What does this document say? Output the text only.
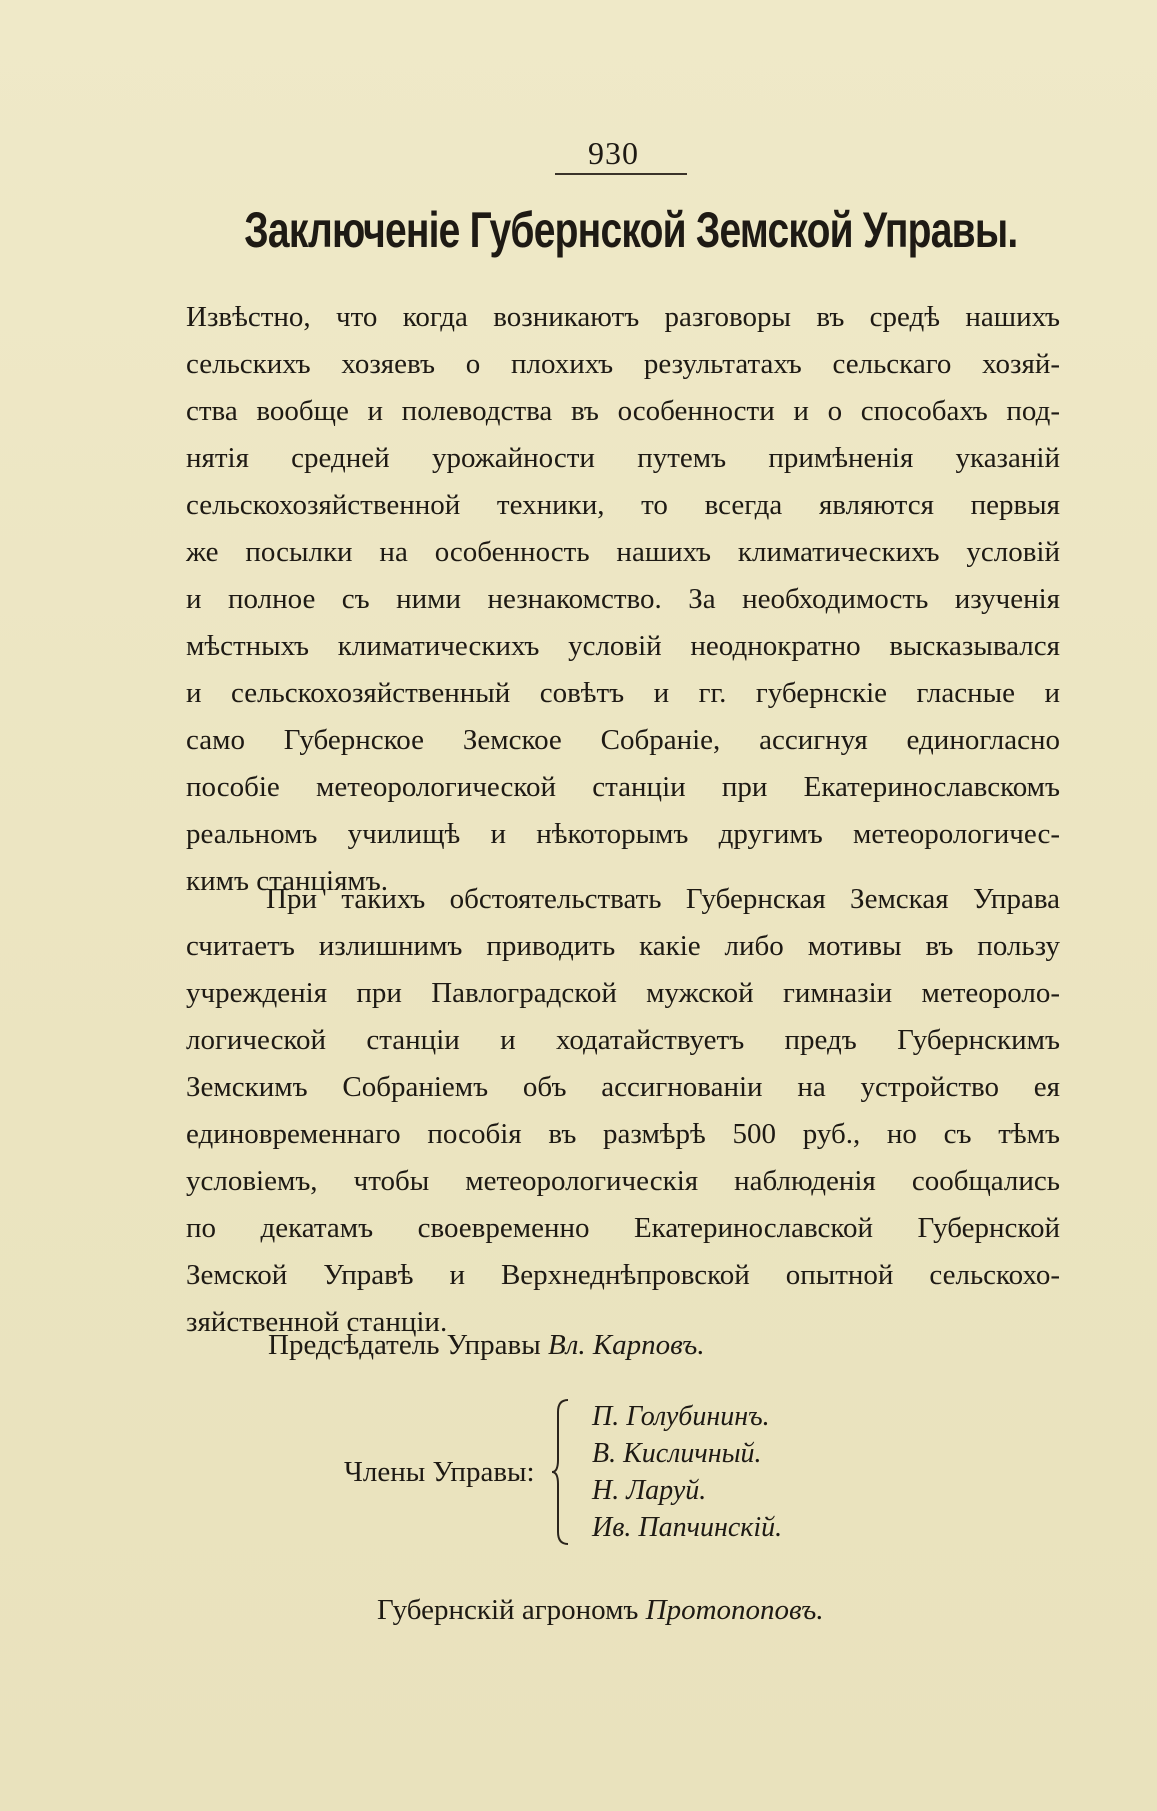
930
Заключеніе Губернской Земской Управы.
Извѣстно, что когда возникаютъ разговоры въ средѣ нашихъ
сельскихъ хозяевъ о плохихъ результатахъ сельскаго хозяй-
ства вообще и полеводства въ особенности и о способахъ под-
нятія средней урожайности путемъ примѣненія указаній
сельскохозяйственной техники, то всегда являются первыя
же посылки на особенность нашихъ климатическихъ условій
и полное съ ними незнакомство. За необходимость изученія
мѣстныхъ климатическихъ условій неоднократно высказывался
и сельскохозяйственный совѣтъ и гг. губернскіе гласные и
само Губернское Земское Собраніе, ассигнуя единогласно
пособіе метеорологической станціи при Екатеринославскомъ
реальномъ училищѣ и нѣкоторымъ другимъ метеорологичес-
кимъ станціямъ.
При такихъ обстоятельствать Губернская Земская Управа
считаетъ излишнимъ приводить какіе либо мотивы въ пользу
учрежденія при Павлоградской мужской гимназіи метеороло-
логической станціи и ходатайствуетъ предъ Губернскимъ
Земскимъ Собраніемъ объ ассигнованіи на устройство ея
единовременнаго пособія въ размѣрѣ 500 руб., но съ тѣмъ
условіемъ, чтобы метеорологическія наблюденія сообщались
по декатамъ своевременно Екатеринославской Губернской
Земской Управѣ и Верхнеднѣпровской опытной сельскохо-
зяйственной станціи.
Предсѣдатель Управы Вл. Карповъ.
Члены Управы:
П. Голубининъ.
В. Кисличный.
Н. Ларуй.
Ив. Папчинскій.
Губернскій агрономъ Протопоповъ.
